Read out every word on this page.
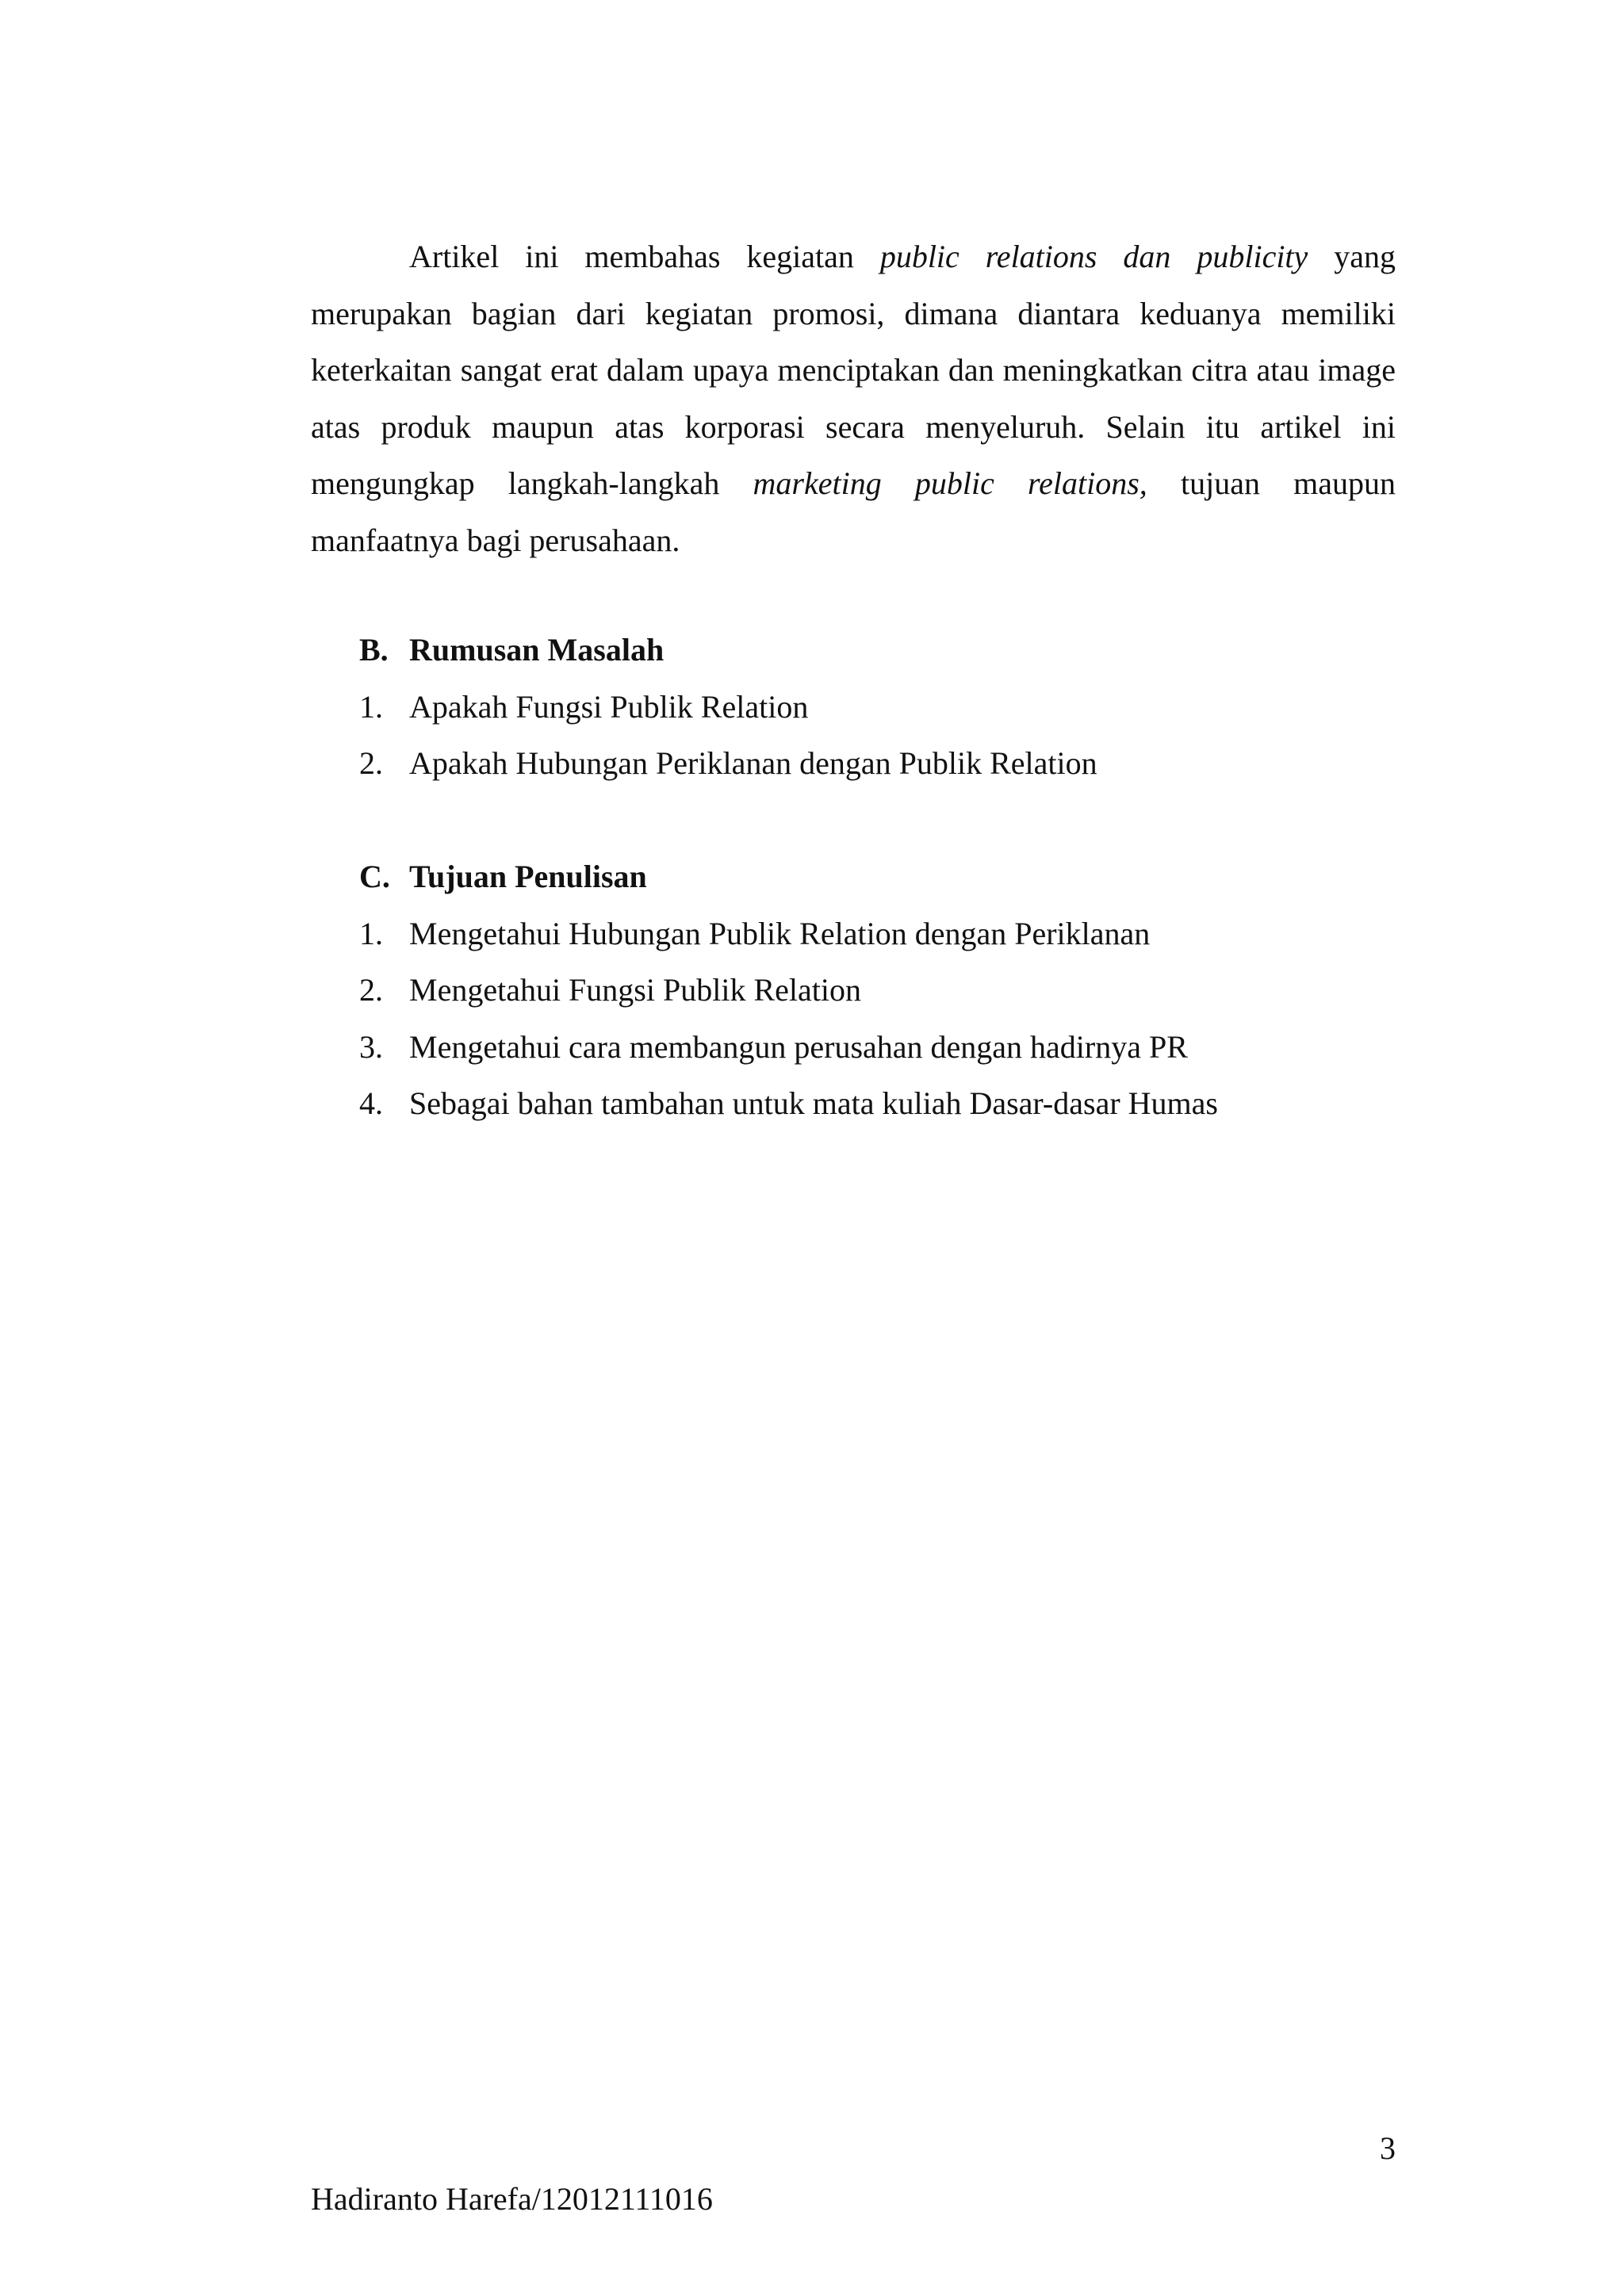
Artikel ini membahas kegiatan public relations dan publicity yang merupakan bagian dari kegiatan promosi, dimana diantara keduanya memiliki keterkaitan sangat erat dalam upaya menciptakan dan meningkatkan citra atau image atas produk maupun atas korporasi secara menyeluruh. Selain itu artikel ini mengungkap langkah-langkah marketing public relations, tujuan maupun manfaatnya bagi perusahaan.

B. Rumusan Masalah
1. Apakah Fungsi Publik Relation
2. Apakah Hubungan Periklanan dengan Publik Relation
C. Tujuan Penulisan
1. Mengetahui Hubungan Publik Relation dengan Periklanan
2. Mengetahui Fungsi Publik Relation
3. Mengetahui cara membangun perusahan dengan hadirnya PR
4. Sebagai bahan tambahan untuk mata kuliah Dasar-dasar Humas
3
Hadiranto Harefa/12012111016
